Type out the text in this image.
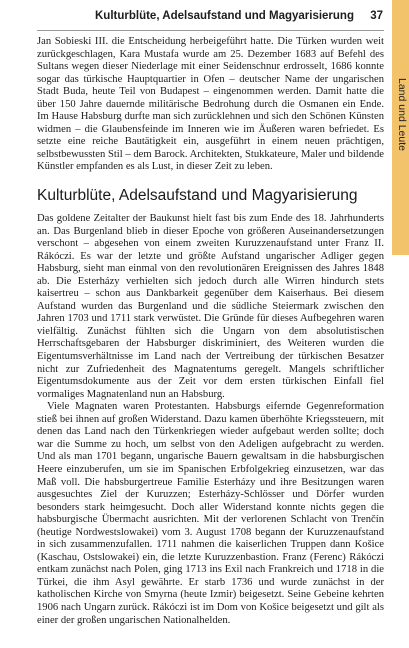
Kulturblüte, Adelsaufstand und Magyarisierung 37
Land und Leute

Jan Sobieski III. die Entscheidung herbeigeführt hatte. Die Türken wurden weit zurückgeschlagen, Kara Mustafa wurde am 25. Dezember 1683 auf Befehl des Sultans wegen dieser Niederlage mit einer Seidenschnur erdrosselt, 1686 konnte sogar das türkische Hauptquartier in Ofen – deutscher Name der ungarischen Stadt Buda, heute Teil von Budapest – eingenommen werden. Damit hatte die über 150 Jahre dauernde militärische Bedrohung durch die Osmanen ein Ende. Im Hause Habsburg durfte man sich zurücklehnen und sich den Schönen Künsten widmen – die Glaubensfeinde im Inneren wie im Äußeren waren befriedet. Es setzte eine reiche Bautätigkeit ein, ausgeführt in einem neuen prächtigen, selbstbewussten Stil – dem Barock. Architekten, Stukkateure, Maler und bildende Künstler empfanden es als Lust, in dieser Zeit zu leben.

Kulturblüte, Adelsaufstand und Magyarisierung

Das goldene Zeitalter der Baukunst hielt fast bis zum Ende des 18. Jahrhunderts an. Das Burgenland blieb in dieser Epoche von größeren Auseinandersetzungen verschont – abgesehen von einem zweiten Kuruzzenaufstand unter Franz II. Rákóczi. Es war der letzte und größte Aufstand ungarischer Adliger gegen Habsburg, sieht man einmal von den revolutionären Ereignissen des Jahres 1848 ab. Die Esterházy verhielten sich jedoch durch alle Wirren hindurch stets kaisertreu – schon aus Dankbarkeit gegenüber dem Kaiserhaus. Bei diesem Aufstand wurden das Burgenland und die südliche Steiermark zwischen den Jahren 1703 und 1711 stark verwüstet. Die Gründe für dieses Aufbegehren waren vielfältig. Zunächst fühlten sich die Ungarn von dem absolutistischen Herrschaftsgebaren der Habsburger diskriminiert, des Weiteren wurden die Eigentumsverhältnisse im Land nach der Vertreibung der türkischen Besatzer nicht zur Zufriedenheit des Magnatentums geregelt. Mangels schriftlicher Eigentumsdokumente aus der Zeit vor dem ersten türkischen Einfall fiel vormaliges Magnatenland nun an Habsburg.

Viele Magnaten waren Protestanten. Habsburgs eifernde Gegenreformation stieß bei ihnen auf großen Widerstand. Dazu kamen überhöhte Kriegssteuern, mit denen das Land nach den Türkenkriegen wieder aufgebaut werden sollte; doch war die Summe zu hoch, um selbst von den Adeligen aufgebracht zu werden. Und als man 1701 begann, ungarische Bauern gewaltsam in die habsburgischen Heere einzuberufen, um sie im Spanischen Erbfolgekrieg einzusetzen, war das Maß voll. Die habsburgertreue Familie Esterházy und ihre Besitzungen waren ausgesuchtes Ziel der Kuruzzen; Esterházy-Schlösser und Dörfer wurden besonders stark heimgesucht. Doch aller Widerstand konnte nichts gegen die habsburgische Übermacht ausrichten. Mit der verlorenen Schlacht von Trenčín (heutige Nordwestslowakei) vom 3. August 1708 begann der Kuruzzenaufstand in sich zusammenzufallen. 1711 nahmen die kaiserlichen Truppen dann Košice (Kaschau, Ostslowakei) ein, die letzte Kuruzzenbastion. Franz (Ferenc) Rákóczi entkam zunächst nach Polen, ging 1713 ins Exil nach Frankreich und 1718 in die Türkei, die ihm Asyl gewährte. Er starb 1736 und wurde zunächst in der katholischen Kirche von Smyrna (heute Izmir) beigesetzt. Seine Gebeine kehrten 1906 nach Ungarn zurück. Rákóczi ist im Dom von Košice beigesetzt und gilt als einer der großen ungarischen Nationalhelden.
